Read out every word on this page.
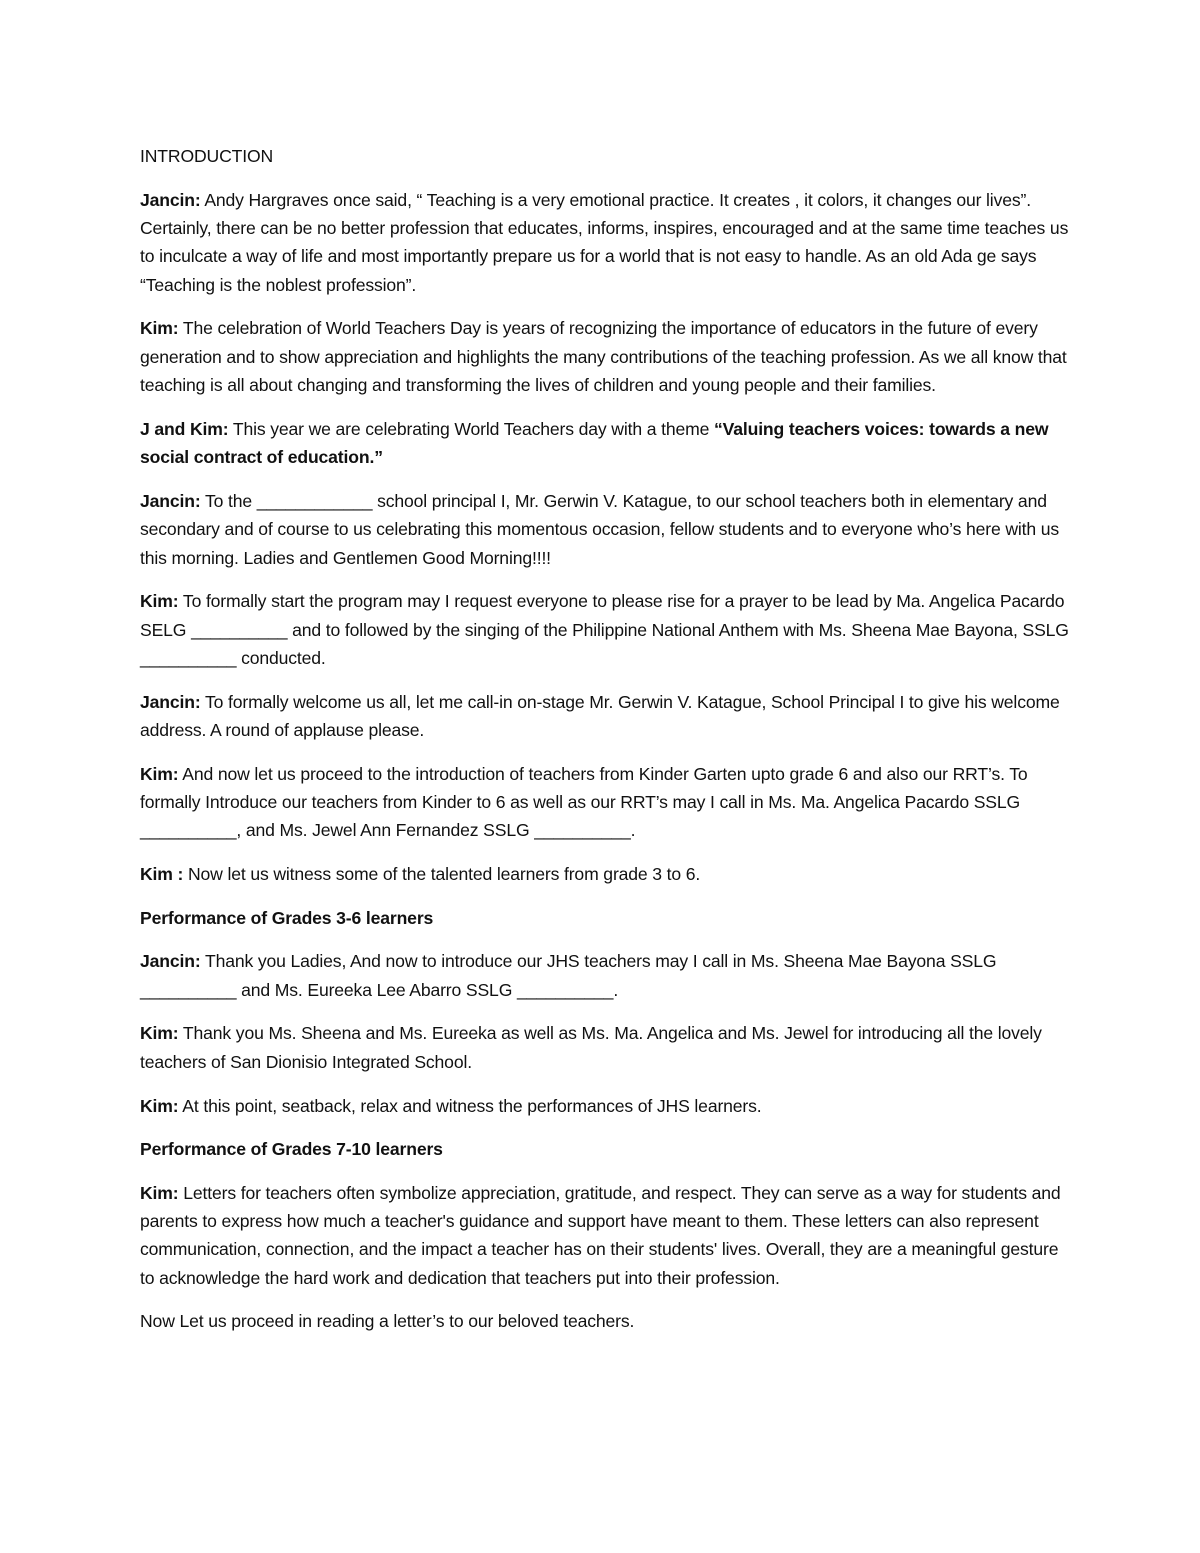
INTRODUCTION

Jancin: Andy Hargraves once said, “ Teaching is a very emotional practice. It creates , it colors, it changes our lives”. Certainly, there can be no better profession that educates, informs, inspires, encouraged and at the same time teaches us to inculcate a way of life and most importantly prepare us for a world that is not easy to handle. As an old Ada ge says “Teaching is the noblest profession”.

Kim: The celebration of World Teachers Day is years of recognizing the importance of educators in the future of every generation and to show appreciation and highlights the many contributions of the teaching profession. As we all know that teaching is all about changing and transforming the lives of children and young people and their families.

J and Kim: This year we are celebrating World Teachers day with a theme “Valuing teachers voices: towards a new social contract of education.”

Jancin: To the ____________ school principal I, Mr. Gerwin V. Katague, to our school teachers both in elementary and secondary and of course to us celebrating this momentous occasion, fellow students and to everyone who’s here with us this morning. Ladies and Gentlemen Good Morning!!!!

Kim: To formally start the program may I request everyone to please rise for a prayer to be lead by Ma. Angelica Pacardo SELG __________ and to followed by the singing of the Philippine National Anthem with Ms. Sheena Mae Bayona, SSLG __________ conducted.

Jancin: To formally welcome us all, let me call-in on-stage Mr. Gerwin V. Katague, School Principal I to give his welcome address. A round of applause please.

Kim: And now let us proceed to the introduction of teachers from Kinder Garten upto grade 6 and also our RRT’s. To formally Introduce our teachers from Kinder to 6 as well as our RRT’s may I call in Ms. Ma. Angelica Pacardo SSLG __________, and Ms. Jewel Ann Fernandez SSLG __________.

Kim : Now let us witness some of the talented learners from grade 3 to 6.

Performance of Grades 3-6 learners

Jancin: Thank you Ladies, And now to introduce our JHS teachers may I call in Ms. Sheena Mae Bayona SSLG __________ and Ms. Eureeka Lee Abarro SSLG __________.

Kim: Thank you Ms. Sheena and Ms. Eureeka as well as Ms. Ma. Angelica and Ms. Jewel for introducing all the lovely teachers of San Dionisio Integrated School.

Kim: At this point, seatback, relax and witness the performances of JHS learners.

Performance of Grades 7-10 learners

Kim: Letters for teachers often symbolize appreciation, gratitude, and respect. They can serve as a way for students and parents to express how much a teacher's guidance and support have meant to them. These letters can also represent communication, connection, and the impact a teacher has on their students' lives. Overall, they are a meaningful gesture to acknowledge the hard work and dedication that teachers put into their profession.

Now Let us proceed in reading a letter’s to our beloved teachers.
